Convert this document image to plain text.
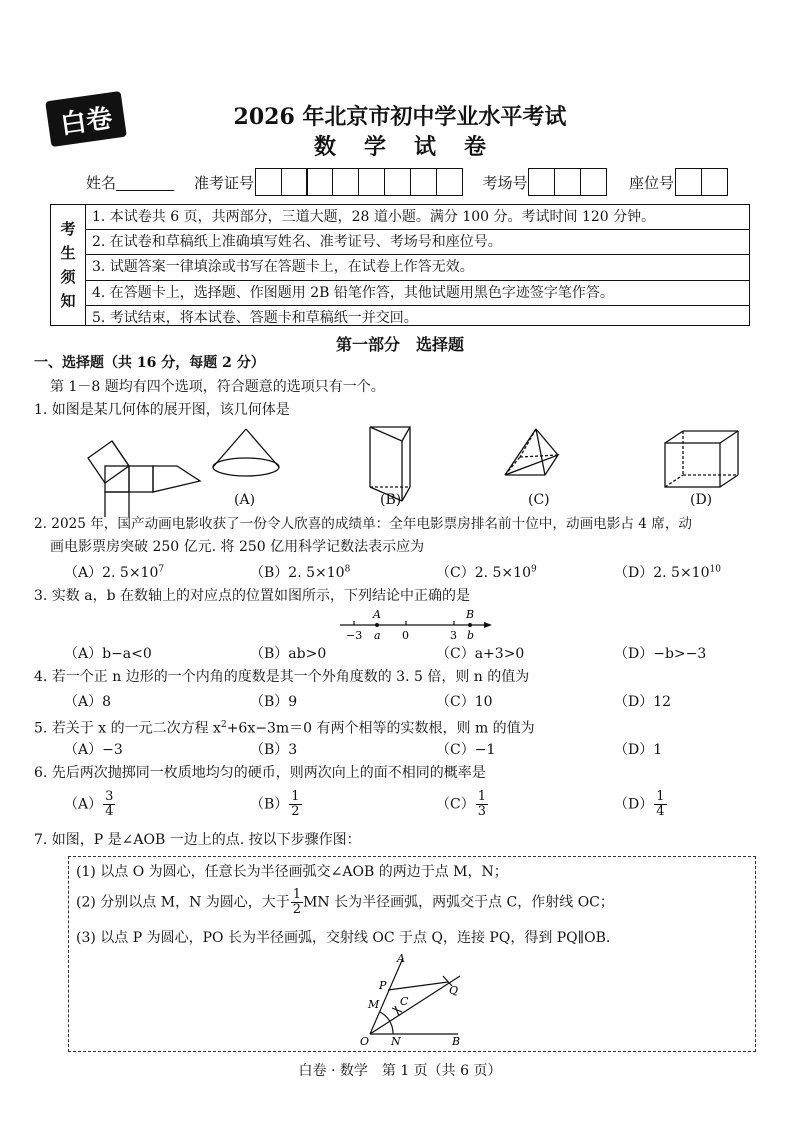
白卷	2026 年北京市初中学业水平考试
数学试卷
姓名	准考证号	考场号	座位号
考
生
须
知
1. 本试卷共 6 页，共两部分，三道大题，28 道小题。满分 100 分。考试时间 120 分钟。
2. 在试卷和草稿纸上准确填写姓名、准考证号、考场号和座位号。
3. 试题答案一律填涂或书写在答题卡上，在试卷上作答无效。
4. 在答题卡上，选择题、作图题用 2B 铅笔作答，其他试题用黑色字迹签字笔作答。
5. 考试结束，将本试卷、答题卡和草稿纸一并交回。
第一部分　选择题
一、选择题（共 16 分，每题 2 分）
第 1－8 题均有四个选项，符合题意的选项只有一个。
1. 如图是某几何体的展开图，该几何体是
(A)	(B)	(C)	(D)
2. 2025 年，国产动画电影收获了一份令人欣喜的成绩单：全年电影票房排名前十位中，动画电影占 4 席，动
画电影票房突破 250 亿元. 将 250 亿用科学记数法表示应为
（A）2. $5\times 10^7$	（B）2. $5\times 10^8$	（C）2. $5\times 10^9$	（D）2. $5\times 10^{10}$
3. 实数 a，b 在数轴上的对应点的位置如图所示，下列结论中正确的是
A	B
−3 a 0	3 b
（A）b−a<0	（B）ab>0	（C）a+3>0	（D）−b>−3
4. 若一个正 n 边形的一个内角的度数是其一个外角度数的 3. 5 倍，则 n 的值为
（A）8	（B）9	（C）10	（D）12
5. 若关于 x 的一元二次方程 $x^2+6x-3m=0$ 有两个相等的实数根，则 m 的值为
（A）−3	（B）3	（C）−1	（D）1
6. 先后两次抛掷同一枚质地均匀的硬币，则两次向上的面不相同的概率是
$(A) \frac{3}{4}$	$(B) \frac{1}{2}$	$(C) \frac{1}{3}$	$(D) \frac{1}{4}$
7. 如图，P 是∠AOB 一边上的点. 按以下步骤作图：
(1) 以点 O 为圆心，任意长为半径画弧交∠AOB 的两边于点 M，N；
(2) 分别以点 M，N 为圆心，大于 $\frac{1}{2}$ MN 长为半径画弧，两弧交于点 C，作射线 OC；
(3) 以点 P 为圆心，PO 长为半径画弧，交射线 OC 于点 Q，连接 PQ，得到 PQ∥OB.
A
P	Q
M C
O N	B
白卷 · 数学　第 1 页（共 6 页）
